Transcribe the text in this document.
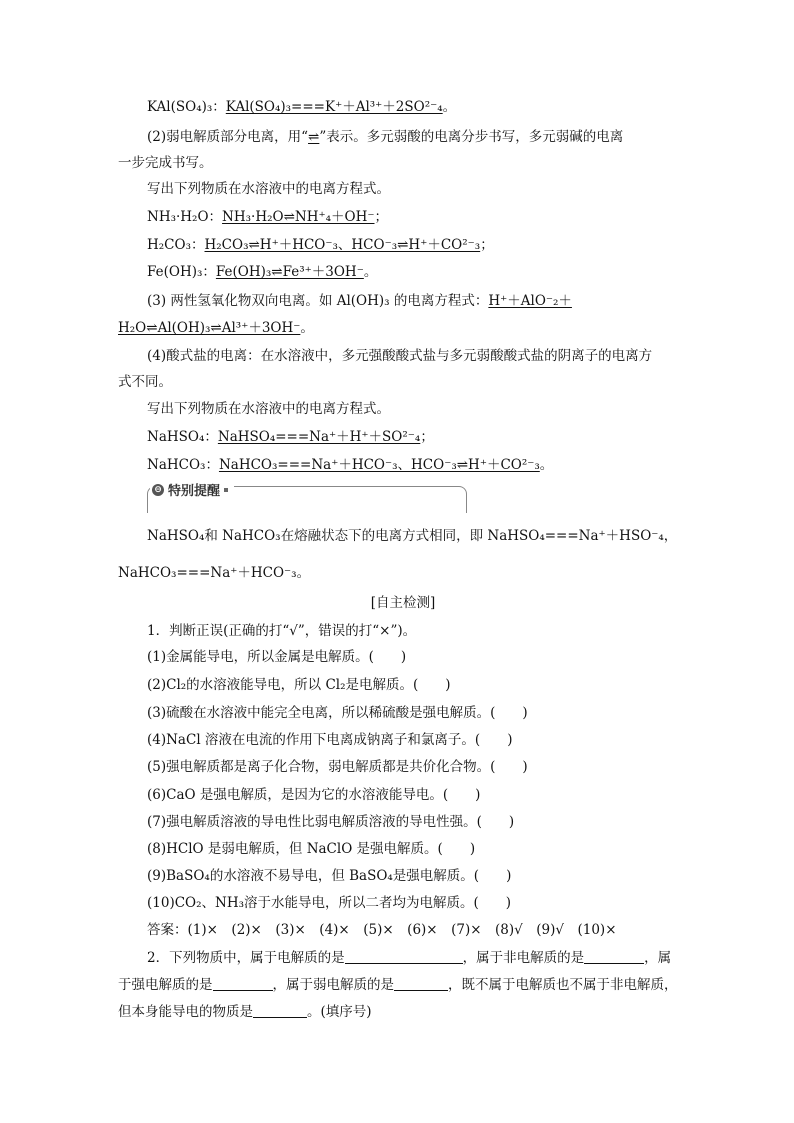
KAl(SO₄)₃：KAl(SO₄)₃===K⁺＋Al³⁺＋2SO²⁻₄。
(2)弱电解质部分电离，用“⇌”表示。多元弱酸的电离分步书写，多元弱碱的电离
一步完成书写。
写出下列物质在水溶液中的电离方程式。
NH₃·H₂O：NH₃·H₂O⇌NH⁺₄＋OH⁻；
H₂CO₃：H₂CO₃⇌H⁺＋HCO⁻₃、HCO⁻₃⇌H⁺＋CO²⁻₃；
Fe(OH)₃：Fe(OH)₃⇌Fe³⁺＋3OH⁻。
(3) 两性氢氧化物双向电离。如 Al(OH)₃ 的电离方程式：H⁺＋AlO⁻₂＋
H₂O⇌Al(OH)₃⇌Al³⁺＋3OH⁻。
(4)酸式盐的电离：在水溶液中，多元强酸酸式盐与多元弱酸酸式盐的阴离子的电离方
式不同。
写出下列物质在水溶液中的电离方程式。
NaHSO₄：NaHSO₄===Na⁺＋H⁺＋SO²⁻₄；
NaHCO₃：NaHCO₃===Na⁺＋HCO⁻₃、HCO⁻₃⇌H⁺＋CO²⁻₃。
⊖ 特别提醒
NaHSO₄和 NaHCO₃在熔融状态下的电离方式相同，即 NaHSO₄===Na⁺＋HSO⁻₄，
NaHCO₃===Na⁺＋HCO⁻₃。
[自主检测]
1．判断正误(正确的打“√”，错误的打“×”)。
(1)金属能导电，所以金属是电解质。(　　)
(2)Cl₂的水溶液能导电，所以 Cl₂是电解质。(　　)
(3)硫酸在水溶液中能完全电离，所以稀硫酸是强电解质。(　　)
(4)NaCl 溶液在电流的作用下电离成钠离子和氯离子。(　　)
(5)强电解质都是离子化合物，弱电解质都是共价化合物。(　　)
(6)CaO 是强电解质，是因为它的水溶液能导电。(　　)
(7)强电解质溶液的导电性比弱电解质溶液的导电性强。(　　)
(8)HClO 是弱电解质，但 NaClO 是强电解质。(　　)
(9)BaSO₄的水溶液不易导电，但 BaSO₄是强电解质。(　　)
(10)CO₂、NH₃溶于水能导电，所以二者均为电解质。(　　)
答案：(1)×　(2)×　(3)×　(4)×　(5)×　(6)×　(7)×　(8)√　(9)√　(10)×
2．下列物质中，属于电解质的是	，属于非电解质的是	，属
于强电解质的是	，属于弱电解质的是	，既不属于电解质也不属于非电解质，
但本身能导电的物质是	。(填序号)
